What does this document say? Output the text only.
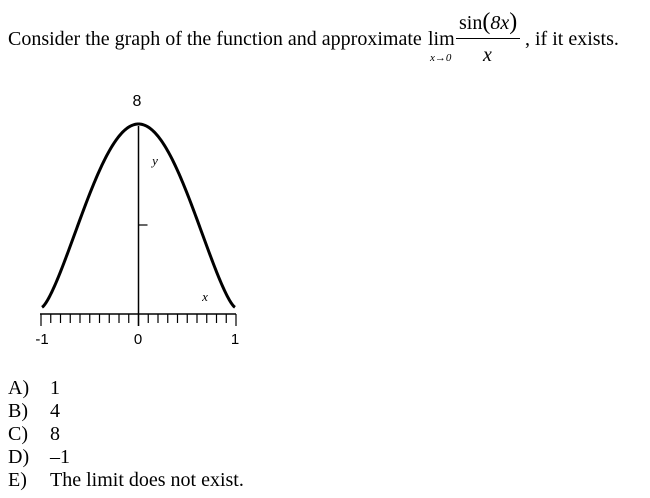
Consider the graph of the function and approximate lim
x→0
sin(8x)
x
, if it exists.
8
y
x
-1	0	1
A) 1
B) 4
C) 8
D) –1
E) The limit does not exist.
